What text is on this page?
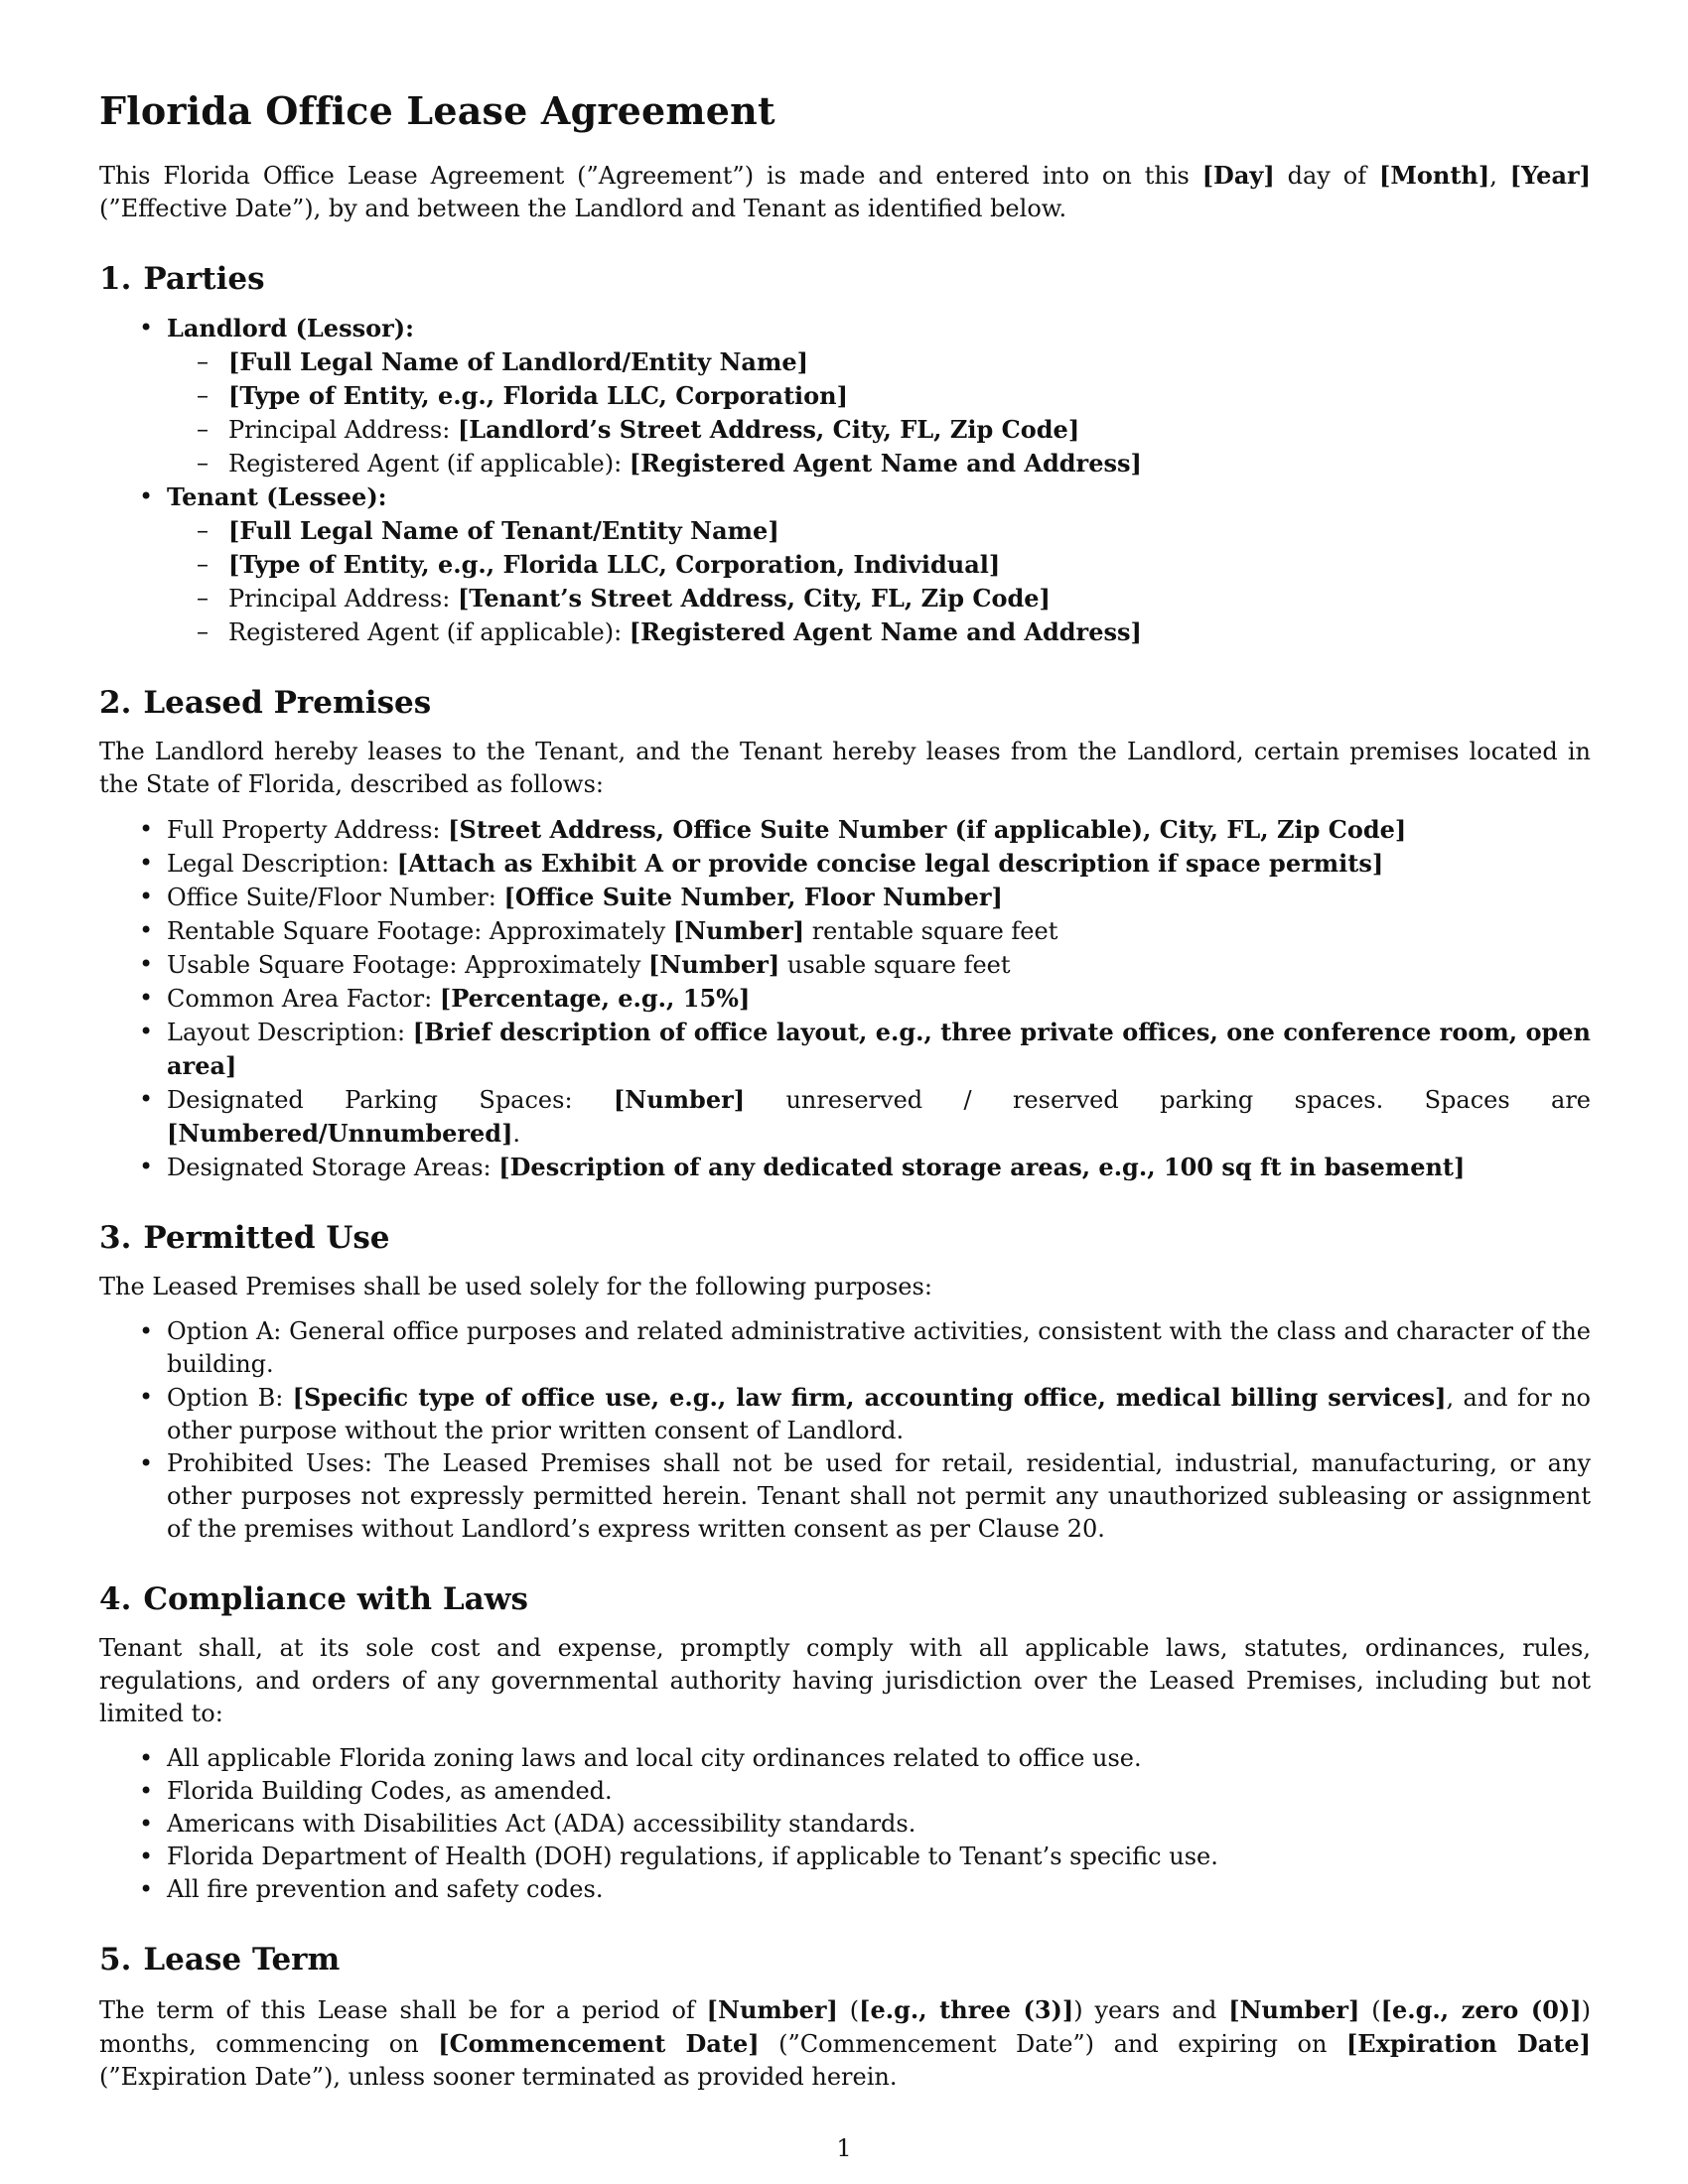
Florida Office Lease Agreement

This Florida Office Lease Agreement (”Agreement”) is made and entered into on this [Day] day of [Month], [Year] (”Effective Date”), by and between the Landlord and Tenant as identified below.

1. Parties
• Landlord (Lessor):
– [Full Legal Name of Landlord/Entity Name]
– [Type of Entity, e.g., Florida LLC, Corporation]
– Principal Address: [Landlord’s Street Address, City, FL, Zip Code]
– Registered Agent (if applicable): [Registered Agent Name and Address]
• Tenant (Lessee):
– [Full Legal Name of Tenant/Entity Name]
– [Type of Entity, e.g., Florida LLC, Corporation, Individual]
– Principal Address: [Tenant’s Street Address, City, FL, Zip Code]
– Registered Agent (if applicable): [Registered Agent Name and Address]
2. Leased Premises

The Landlord hereby leases to the Tenant, and the Tenant hereby leases from the Landlord, certain premises located in the State of Florida, described as follows:

• Full Property Address: [Street Address, Office Suite Number (if applicable), City, FL, Zip Code]
• Legal Description: [Attach as Exhibit A or provide concise legal description if space permits]
• Office Suite/Floor Number: [Office Suite Number, Floor Number]
• Rentable Square Footage: Approximately [Number] rentable square feet
• Usable Square Footage: Approximately [Number] usable square feet
• Common Area Factor: [Percentage, e.g., 15%]
• Layout Description: [Brief description of office layout, e.g., three private offices, one conference room, open area]
• Designated Parking Spaces: [Number] unreserved / reserved parking spaces. Spaces are [Numbered/Unnumbered].
• Designated Storage Areas: [Description of any dedicated storage areas, e.g., 100 sq ft in basement]
3. Permitted Use

The Leased Premises shall be used solely for the following purposes:

• Option A: General office purposes and related administrative activities, consistent with the class and character of the building.
• Option B: [Specific type of office use, e.g., law firm, accounting office, medical billing services], and for no other purpose without the prior written consent of Landlord.
• Prohibited Uses: The Leased Premises shall not be used for retail, residential, industrial, manufacturing, or any other purposes not expressly permitted herein. Tenant shall not permit any unauthorized subleasing or assignment of the premises without Landlord’s express written consent as per Clause 20.
4. Compliance with Laws

Tenant shall, at its sole cost and expense, promptly comply with all applicable laws, statutes, ordinances, rules, regulations, and orders of any governmental authority having jurisdiction over the Leased Premises, including but not limited to:

• All applicable Florida zoning laws and local city ordinances related to office use.
• Florida Building Codes, as amended.
• Americans with Disabilities Act (ADA) accessibility standards.
• Florida Department of Health (DOH) regulations, if applicable to Tenant’s specific use.
• All fire prevention and safety codes.
5. Lease Term

The term of this Lease shall be for a period of [Number] ([e.g., three (3)]) years and [Number] ([e.g., zero (0)]) months, commencing on [Commencement Date] (”Commencement Date”) and expiring on [Expiration Date] (”Expiration Date”), unless sooner terminated as provided herein.

1
